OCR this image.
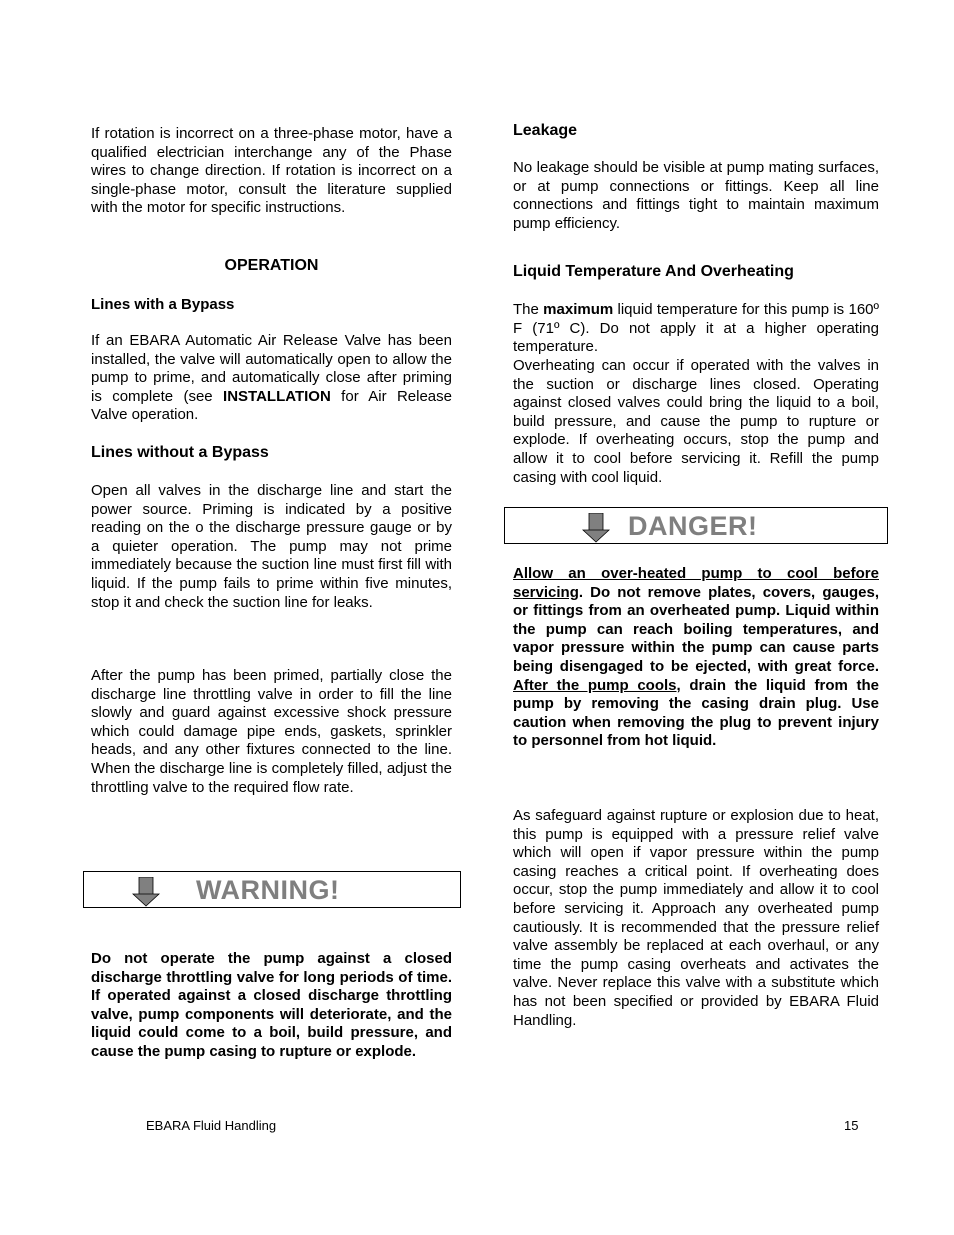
If rotation is incorrect on a three-phase motor, have a qualified electrician interchange any of the Phase wires to change direction. If rotation is incorrect on a single-phase motor, consult the literature supplied with the motor for specific instructions.

OPERATION
Lines with a Bypass

If an EBARA Automatic Air Release Valve has been installed, the valve will automatically open to allow the pump to prime, and automatically close after priming is complete (see INSTALLATION for Air Release Valve operation.

Lines without a Bypass

Open all valves in the discharge line and start the power source. Priming is indicated by a positive reading on the o the discharge pressure gauge or by a quieter operation. The pump may not prime immediately because the suction line must first fill with liquid. If the pump fails to prime within five minutes, stop it and check the suction line for leaks.

After the pump has been primed, partially close the discharge line throttling valve in order to fill the line slowly and guard against excessive shock pressure which could damage pipe ends, gaskets, sprinkler heads, and any other fixtures connected to the line. When the discharge line is completely filled, adjust the throttling valve to the required flow rate.

Do not operate the pump against a closed discharge throttling valve for long periods of time. If operated against a closed discharge throttling valve, pump components will deteriorate, and the liquid could come to a boil, build pressure, and cause the pump casing to rupture or explode.

WARNING!
Leakage

No leakage should be visible at pump mating surfaces, or at pump connections or fittings. Keep all line connections and fittings tight to maintain maximum pump efficiency.

Liquid Temperature And Overheating

The maximum liquid temperature for this pump is 160º F (71º C). Do not apply it at a higher operating temperature.

Overheating can occur if operated with the valves in the suction or discharge lines closed. Operating against closed valves could bring the liquid to a boil, build pressure, and cause the pump to rupture or explode. If overheating occurs, stop the pump and allow it to cool before servicing it. Refill the pump casing with cool liquid.

Allow an over-heated pump to cool before servicing. Do not remove plates, covers, gauges, or fittings from an overheated pump. Liquid within the pump can reach boiling temperatures, and vapor pressure within the pump can cause parts being disengaged to be ejected, with great force. After the pump cools, drain the liquid from the pump by removing the casing drain plug. Use caution when removing the plug to prevent injury to personnel from hot liquid.

As safeguard against rupture or explosion due to heat, this pump is equipped with a pressure relief valve which will open if vapor pressure within the pump casing reaches a critical point. If overheating does occur, stop the pump immediately and allow it to cool before servicing it. Approach any overheated pump cautiously. It is recommended that the pressure relief valve assembly be replaced at each overhaul, or any time the pump casing overheats and activates the valve. Never replace this valve with a substitute which has not been specified or provided by EBARA Fluid Handling.

DANGER!
EBARA Fluid Handling	15
